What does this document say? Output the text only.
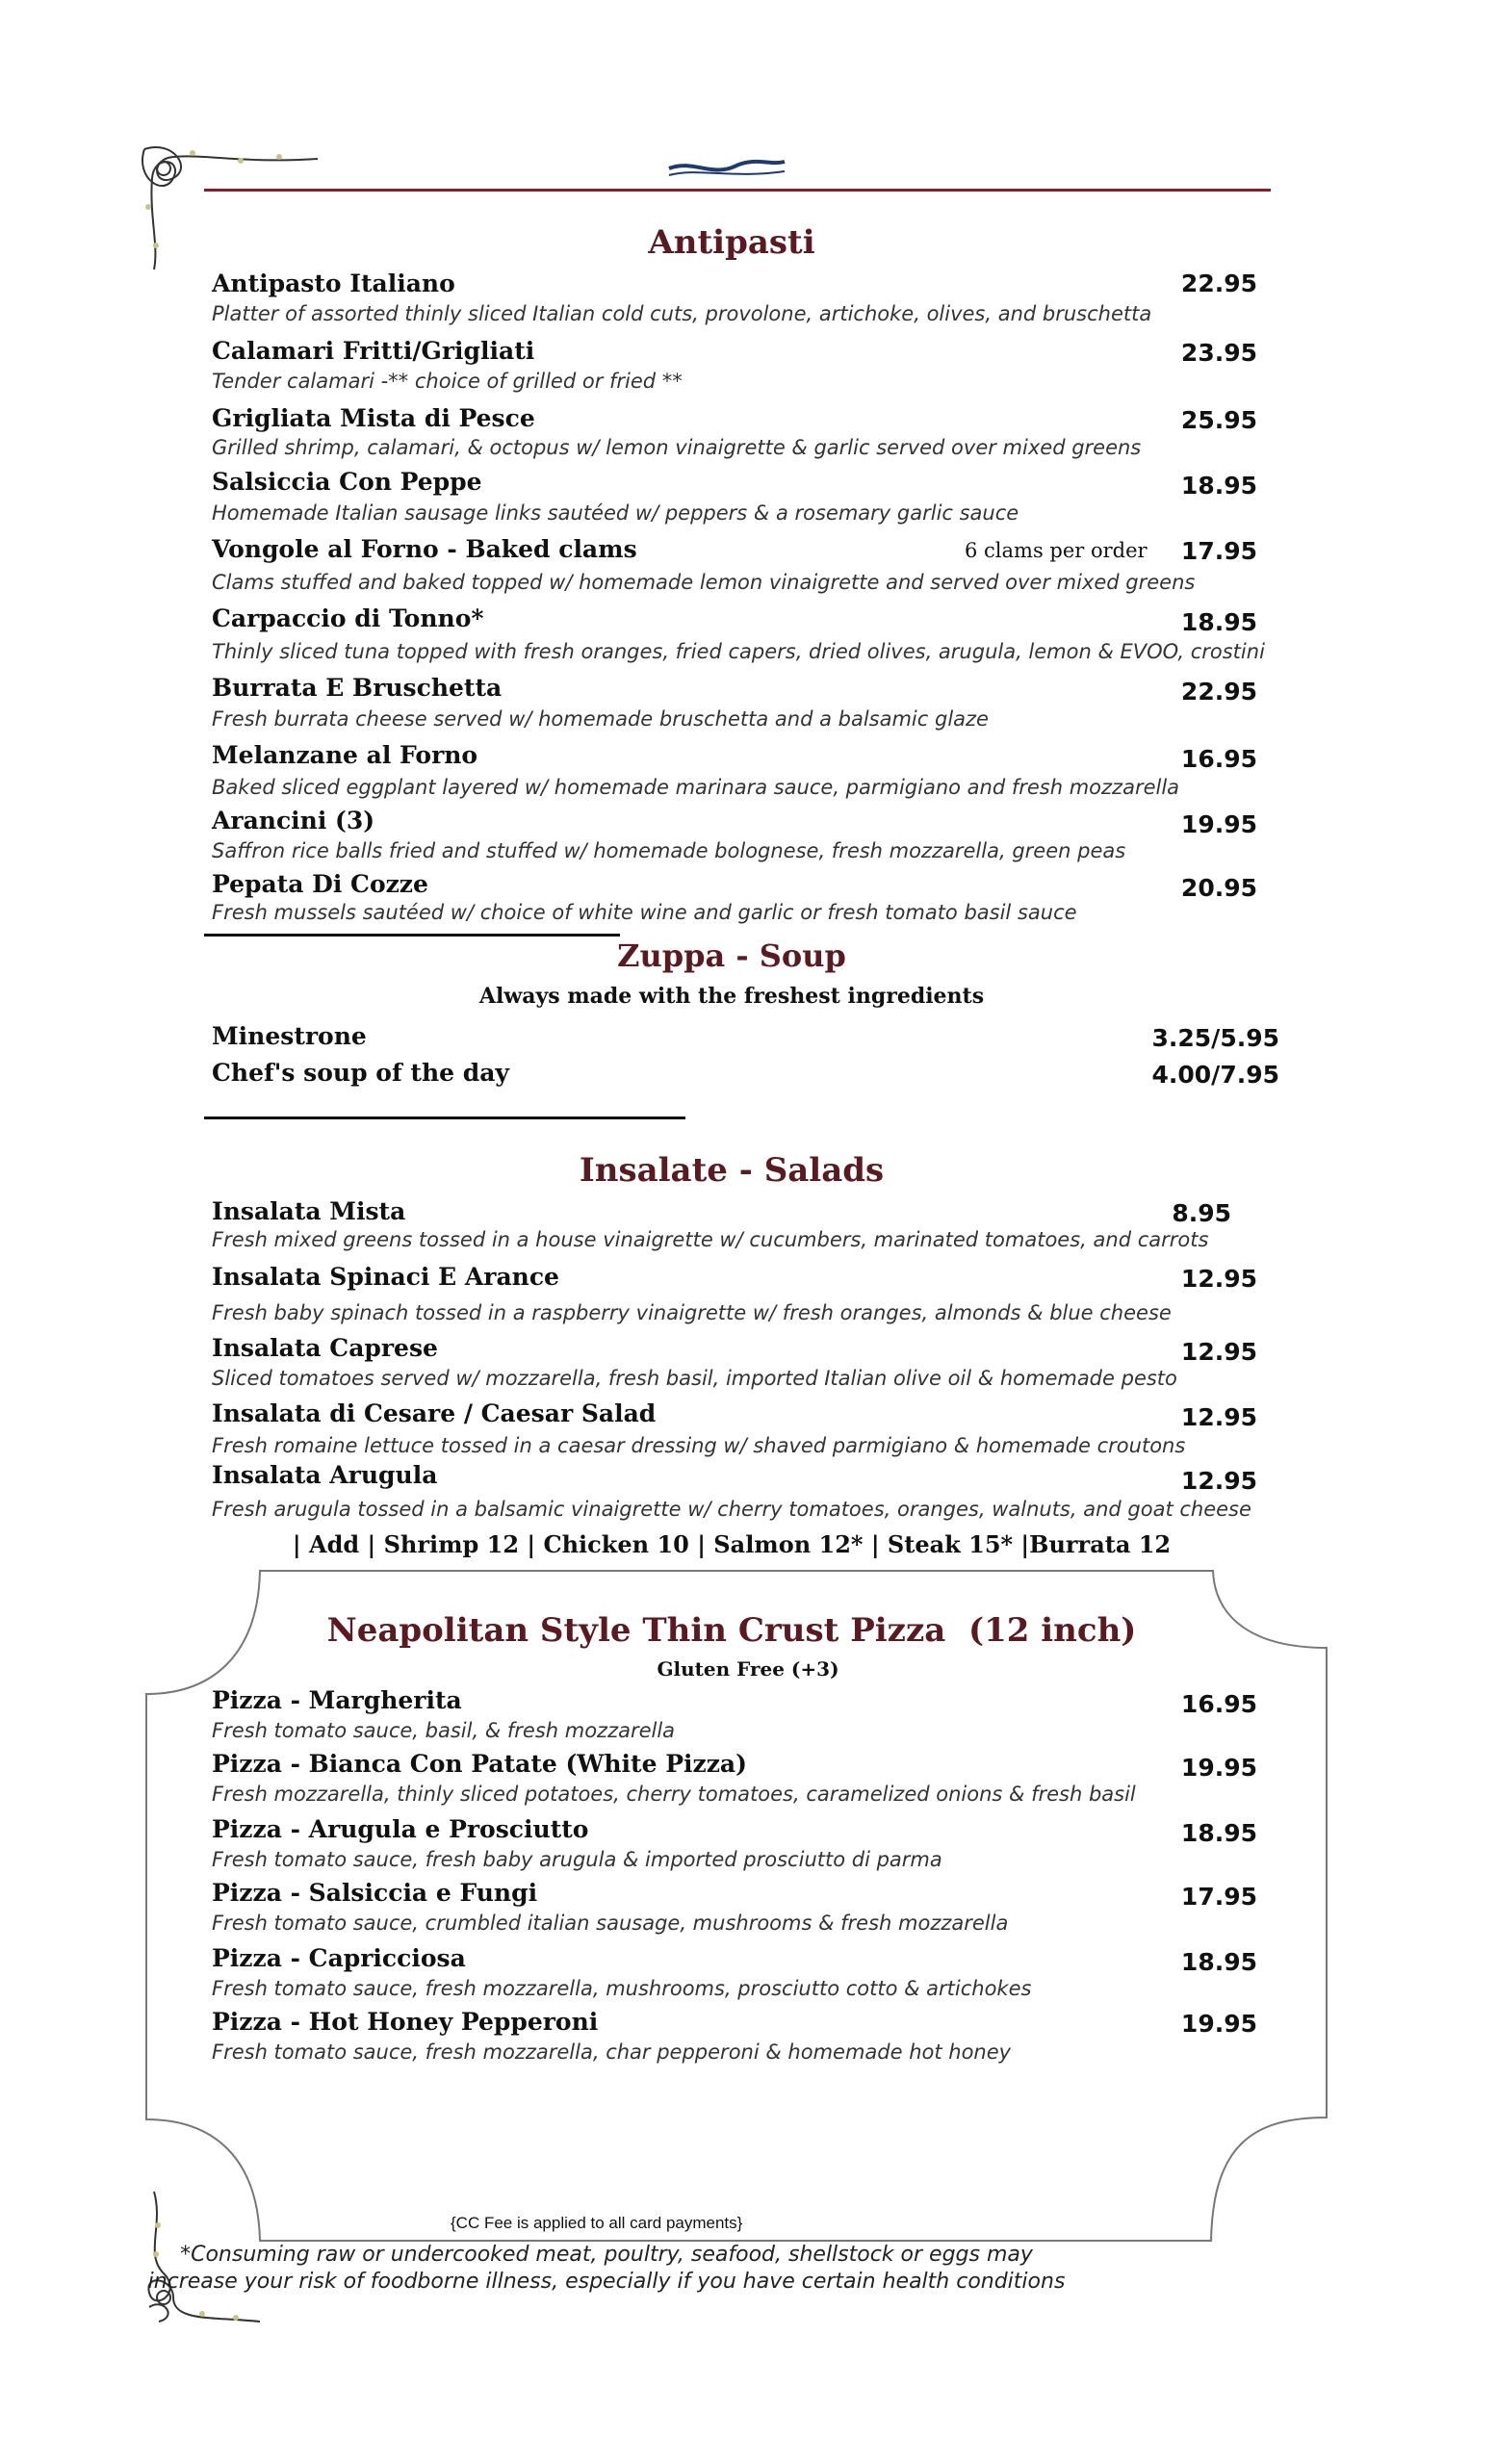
Antipasti
Antipasto Italiano	22.95
Platter of assorted thinly sliced Italian cold cuts, provolone, artichoke, olives, and bruschetta
Calamari Fritti/Grigliati	23.95
Tender calamari -** choice of grilled or fried **
Grigliata Mista di Pesce	25.95
Grilled shrimp, calamari, & octopus w/ lemon vinaigrette & garlic served over mixed greens
Salsiccia Con Peppe	18.95
Homemade Italian sausage links sautéed w/ peppers & a rosemary garlic sauce
Vongole al Forno - Baked clams	6 clams per order 17.95
Clams stuffed and baked topped w/ homemade lemon vinaigrette and served over mixed greens
Carpaccio di Tonno*	18.95
Thinly sliced tuna topped with fresh oranges, fried capers, dried olives, arugula, lemon & EVOO, crostini
Burrata E Bruschetta	22.95
Fresh burrata cheese served w/ homemade bruschetta and a balsamic glaze
Melanzane al Forno	16.95
Baked sliced eggplant layered w/ homemade marinara sauce, parmigiano and fresh mozzarella
Arancini (3)	19.95
Saffron rice balls fried and stuffed w/ homemade bolognese, fresh mozzarella, green peas
Pepata Di Cozze	20.95
Fresh mussels sautéed w/ choice of white wine and garlic or fresh tomato basil sauce
Zuppa - Soup
Always made with the freshest ingredients
Minestrone	3.25/5.95
Chef's soup of the day	4.00/7.95
Insalate - Salads
Insalata Mista	8.95
Fresh mixed greens tossed in a house vinaigrette w/ cucumbers, marinated tomatoes, and carrots
Insalata Spinaci E Arance	12.95
Fresh baby spinach tossed in a raspberry vinaigrette w/ fresh oranges, almonds & blue cheese
Insalata Caprese	12.95
Sliced tomatoes served w/ mozzarella, fresh basil, imported Italian olive oil & homemade pesto
Insalata di Cesare / Caesar Salad	12.95
Fresh romaine lettuce tossed in a caesar dressing w/ shaved parmigiano & homemade croutons
Insalata Arugula	12.95
Fresh arugula tossed in a balsamic vinaigrette w/ cherry tomatoes, oranges, walnuts, and goat cheese
| Add | Shrimp 12 | Chicken 10 | Salmon 12* | Steak 15* |Burrata 12
Neapolitan Style Thin Crust Pizza  (12 inch)
Gluten Free (+3)
Pizza - Margherita	16.95
Fresh tomato sauce, basil, & fresh mozzarella
Pizza - Bianca Con Patate (White Pizza)	19.95
Fresh mozzarella, thinly sliced potatoes, cherry tomatoes, caramelized onions & fresh basil
Pizza - Arugula e Prosciutto	18.95
Fresh tomato sauce, fresh baby arugula & imported prosciutto di parma
Pizza - Salsiccia e Fungi	17.95
Fresh tomato sauce, crumbled italian sausage, mushrooms & fresh mozzarella
Pizza - Capricciosa	18.95
Fresh tomato sauce, fresh mozzarella, mushrooms, prosciutto cotto & artichokes
Pizza - Hot Honey Pepperoni	19.95
Fresh tomato sauce, fresh mozzarella, char pepperoni & homemade hot honey
{CC Fee is applied to all card payments}
*Consuming raw or undercooked meat, poultry, seafood, shellstock or eggs may
increase your risk of foodborne illness, especially if you have certain health conditions
